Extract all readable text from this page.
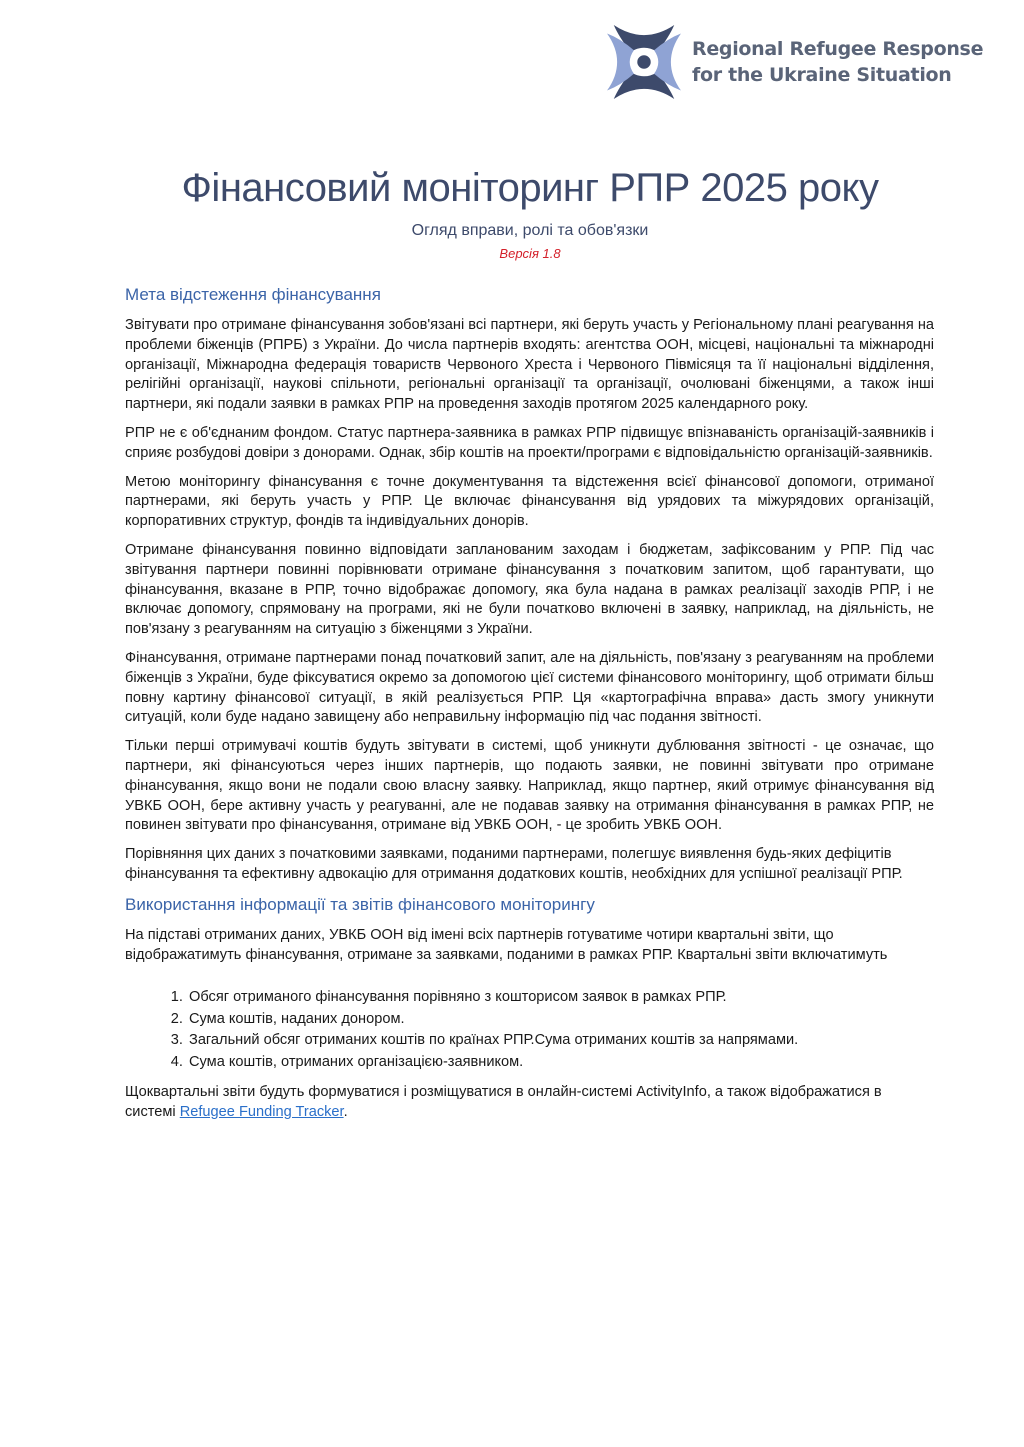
Regional Refugee Response
for the Ukraine Situation
Фінансовий моніторинг РПР 2025 року
Огляд вправи, ролі та обов'язки
Версія 1.8
Мета відстеження фінансування

Звітувати про отримане фінансування зобов'язані всі партнери, які беруть участь у Регіональному плані реагування на проблеми біженців (РПРБ) з України. До числа партнерів входять: агентства ООН, місцеві, національні та міжнародні організації, Міжнародна федерація товариств Червоного Хреста і Червоного Півмісяця та її національні відділення, релігійні організації, наукові спільноти, регіональні організації та організації, очолювані біженцями, а також інші партнери, які подали заявки в рамках РПР на проведення заходів протягом 2025 календарного року.

РПР не є об'єднаним фондом. Статус партнера-заявника в рамках РПР підвищує впізнаваність організацій-заявників і сприяє розбудові довіри з донорами. Однак, збір коштів на проекти/програми є відповідальністю організацій-заявників.

Метою моніторингу фінансування є точне документування та відстеження всієї фінансової допомоги, отриманої партнерами, які беруть участь у РПР. Це включає фінансування від урядових та міжурядових організацій, корпоративних структур, фондів та індивідуальних донорів.

Отримане фінансування повинно відповідати запланованим заходам і бюджетам, зафіксованим у РПР. Під час звітування партнери повинні порівнювати отримане фінансування з початковим запитом, щоб гарантувати, що фінансування, вказане в РПР, точно відображає допомогу, яка була надана в рамках реалізації заходів РПР, і не включає допомогу, спрямовану на програми, які не були початково включені в заявку, наприклад, на діяльність, не пов'язану з реагуванням на ситуацію з біженцями з України.

Фінансування, отримане партнерами понад початковий запит, але на діяльність, пов'язану з реагуванням на проблеми біженців з України, буде фіксуватися окремо за допомогою цієї системи фінансового моніторингу, щоб отримати більш повну картину фінансової ситуації, в якій реалізується РПР. Ця «картографічна вправа» дасть змогу уникнути ситуацій, коли буде надано завищену або неправильну інформацію під час подання звітності.

Тільки перші отримувачі коштів будуть звітувати в системі, щоб уникнути дублювання звітності - це означає, що партнери, які фінансуються через інших партнерів, що подають заявки, не повинні звітувати про отримане фінансування, якщо вони не подали свою власну заявку. Наприклад, якщо партнер, який отримує фінансування від УВКБ ООН, бере активну участь у реагуванні, але не подавав заявку на отримання фінансування в рамках РПР, не повинен звітувати про фінансування, отримане від УВКБ ООН, - це зробить УВКБ ООН.

Порівняння цих даних з початковими заявками, поданими партнерами, полегшує виявлення будь-яких дефіцитів фінансування та ефективну адвокацію для отримання додаткових коштів, необхідних для успішної реалізації РПР.

Використання інформації та звітів фінансового моніторингу

На підставі отриманих даних, УВКБ ООН від імені всіх партнерів готуватиме чотири квартальні звіти, що відображатимуть фінансування, отримане за заявками, поданими в рамках РПР. Квартальні звіти включатимуть

1. Обсяг отриманого фінансування порівняно з кошторисом заявок в рамках РПР.
2. Сума коштів, наданих донором.
3. Загальний обсяг отриманих коштів по країнах РПР.Сума отриманих коштів за напрямами.
4. Сума коштів, отриманих організацією-заявником.

Щоквартальні звіти будуть формуватися і розміщуватися в онлайн-системі ActivityInfo, а також відображатися в системі Refugee Funding Tracker.
